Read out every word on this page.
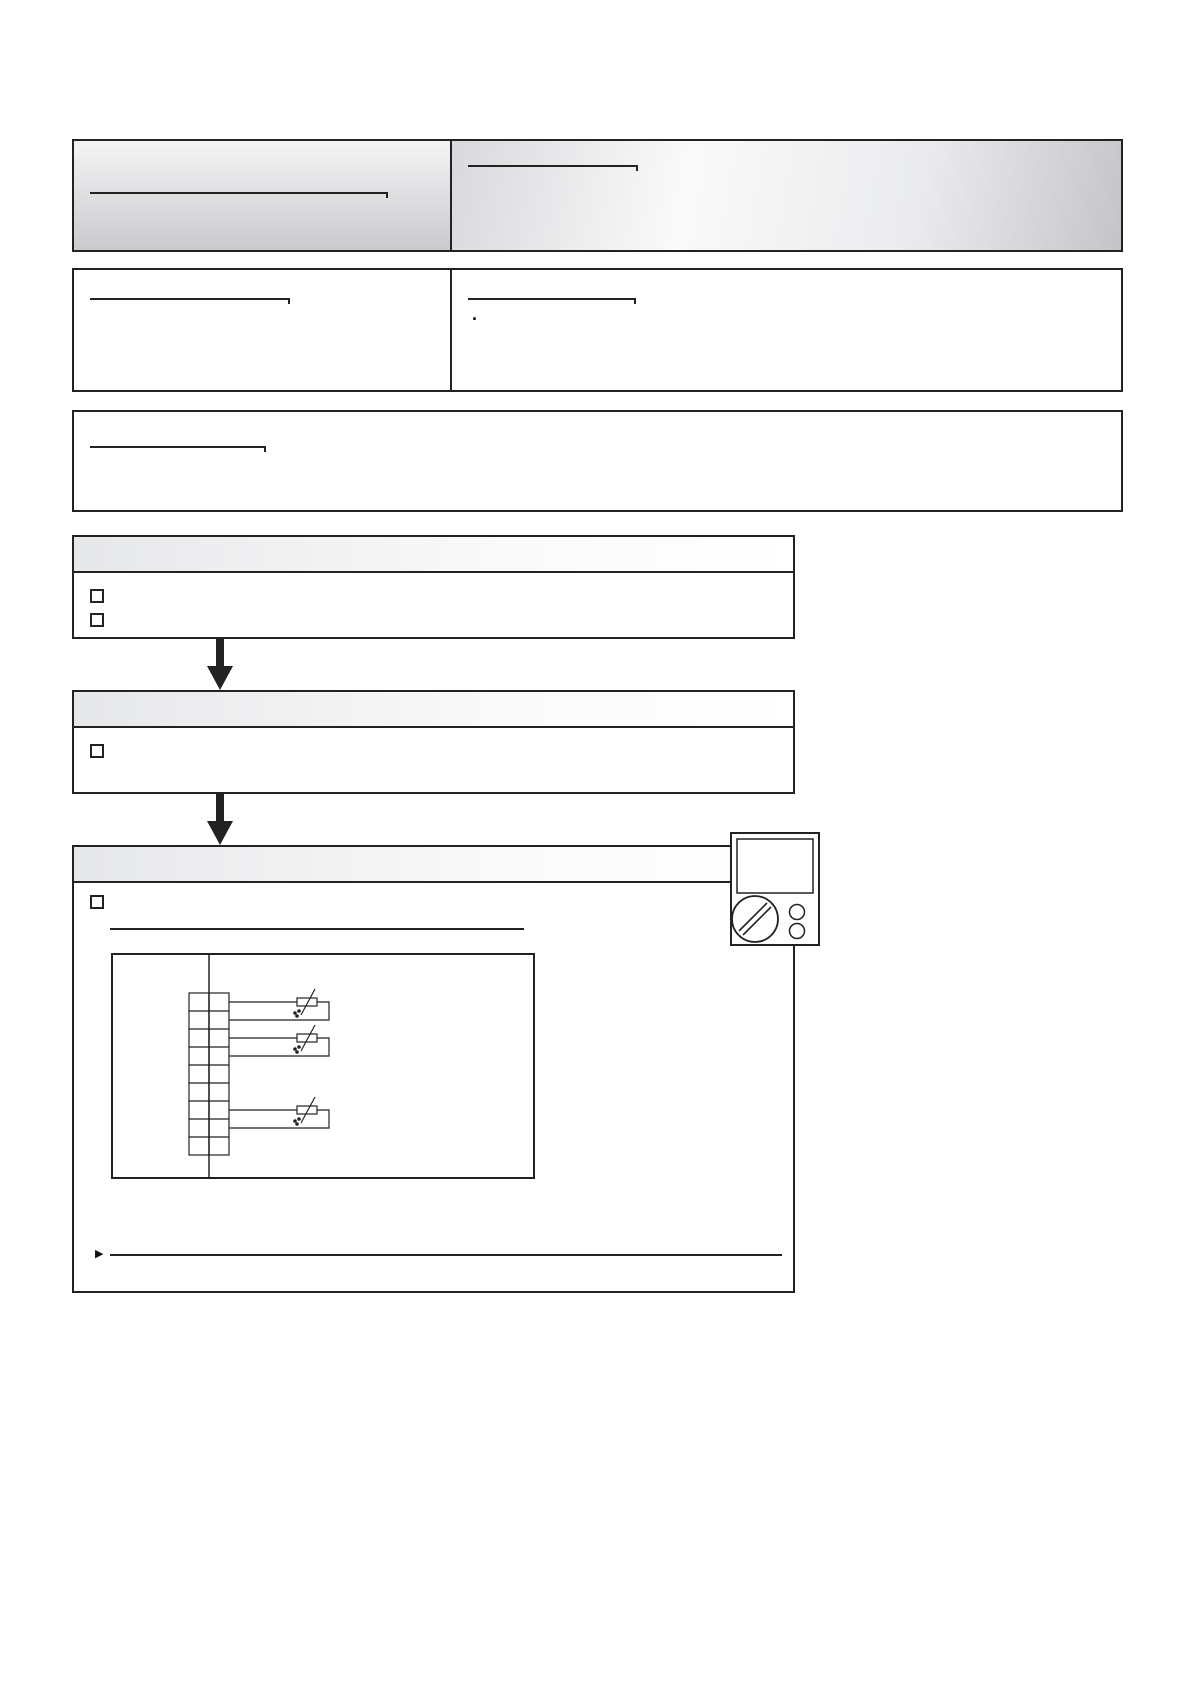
·
▶
